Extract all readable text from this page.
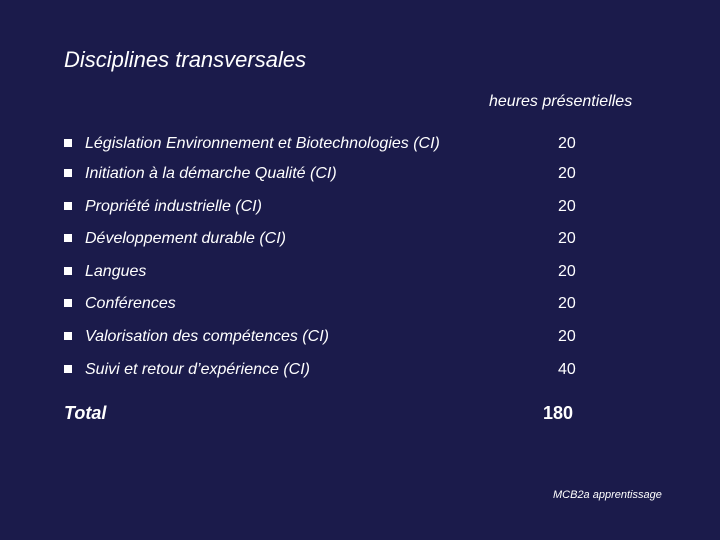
Disciplines transversales
heures présentielles
Législation Environnement et Biotechnologies (CI)	20
Initiation à la démarche Qualité (CI)	20
Propriété industrielle (CI)	20
Développement durable (CI)	20
Langues	20
Conférences	20
Valorisation des compétences (CI)	20
Suivi et retour d’expérience (CI)	40
Total	180
MCB2a apprentissage
